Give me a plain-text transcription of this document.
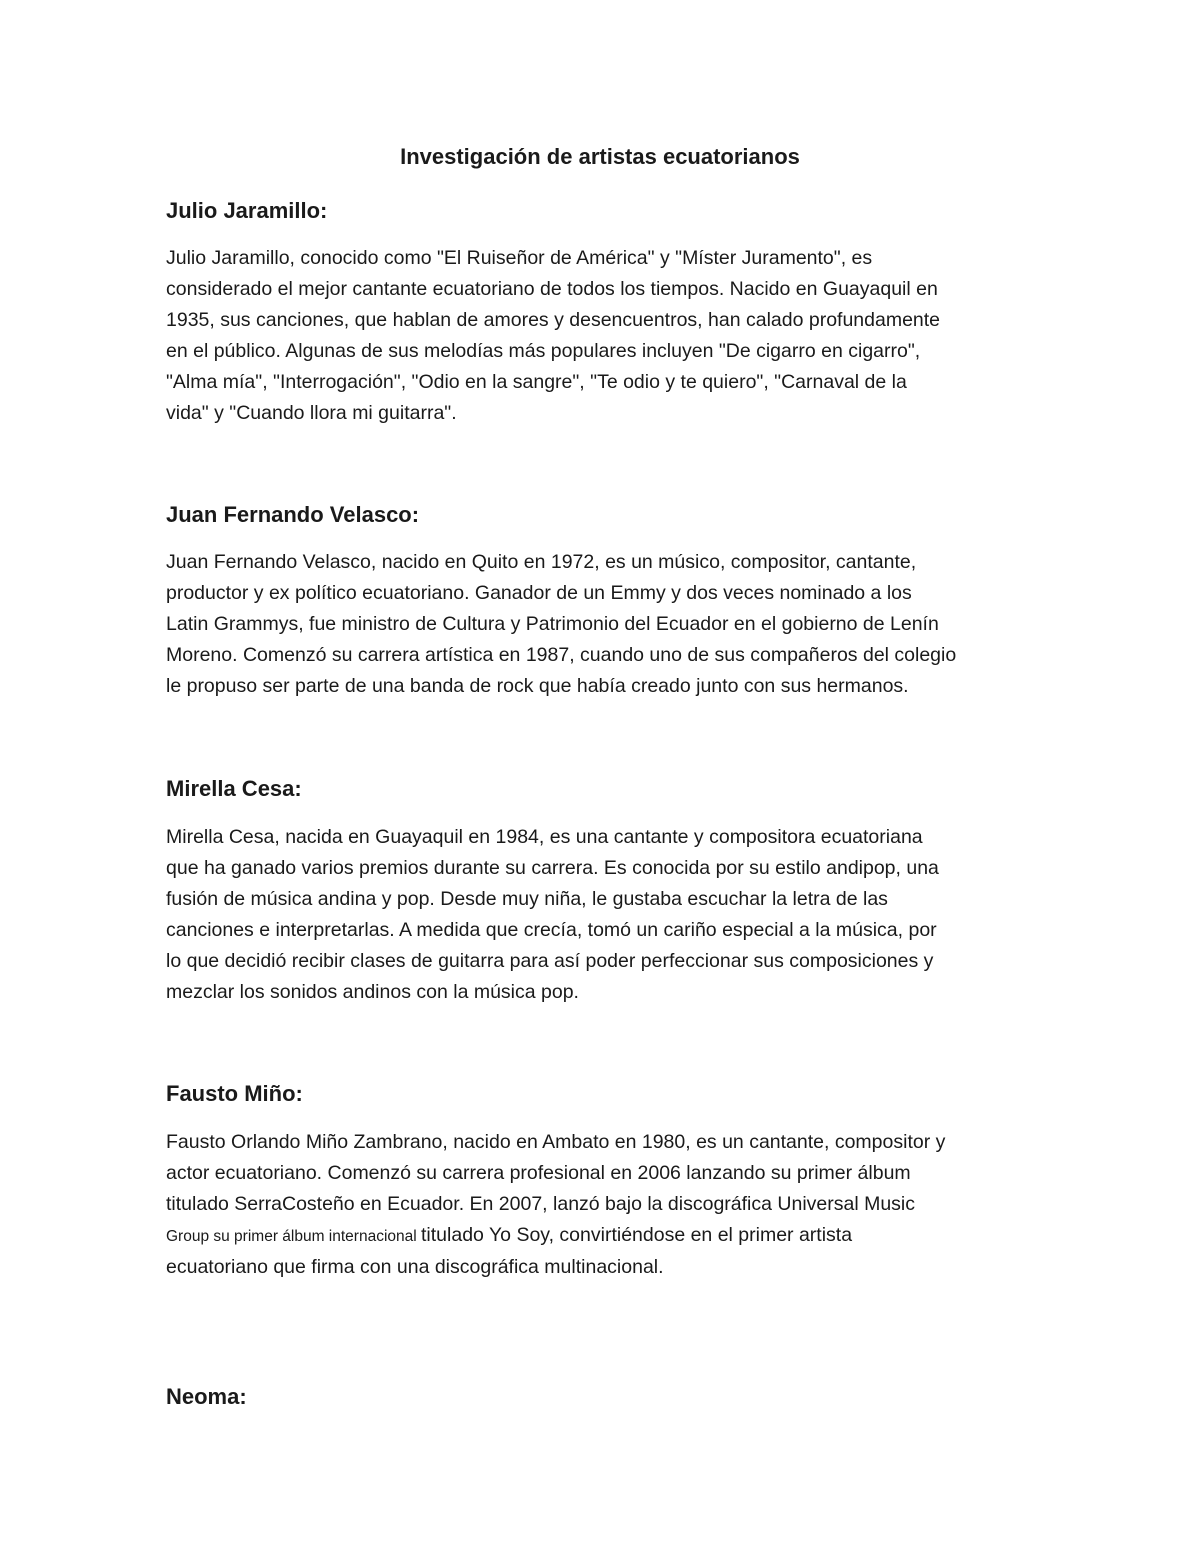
Investigación de artistas ecuatorianos
Julio Jaramillo:
Julio Jaramillo, conocido como "El Ruiseñor de América" y "Míster Juramento", es
considerado el mejor cantante ecuatoriano de todos los tiempos. Nacido en Guayaquil en
1935, sus canciones, que hablan de amores y desencuentros, han calado profundamente
en el público. Algunas de sus melodías más populares incluyen "De cigarro en cigarro",
"Alma mía", "Interrogación", "Odio en la sangre", "Te odio y te quiero", "Carnaval de la
vida" y "Cuando llora mi guitarra".
Juan Fernando Velasco:
Juan Fernando Velasco, nacido en Quito en 1972, es un músico, compositor, cantante,
productor y ex político ecuatoriano. Ganador de un Emmy y dos veces nominado a los
Latin Grammys, fue ministro de Cultura y Patrimonio del Ecuador en el gobierno de Lenín
Moreno. Comenzó su carrera artística en 1987, cuando uno de sus compañeros del colegio
le propuso ser parte de una banda de rock que había creado junto con sus hermanos.
Mirella Cesa:
Mirella Cesa, nacida en Guayaquil en 1984, es una cantante y compositora ecuatoriana
que ha ganado varios premios durante su carrera. Es conocida por su estilo andipop, una
fusión de música andina y pop. Desde muy niña, le gustaba escuchar la letra de las
canciones e interpretarlas. A medida que crecía, tomó un cariño especial a la música, por
lo que decidió recibir clases de guitarra para así poder perfeccionar sus composiciones y
mezclar los sonidos andinos con la música pop.
Fausto Miño:
Fausto Orlando Miño Zambrano, nacido en Ambato en 1980, es un cantante, compositor y
actor ecuatoriano. Comenzó su carrera profesional en 2006 lanzando su primer álbum
titulado SerraCosteño en Ecuador. En 2007, lanzó bajo la discográfica Universal Music
Group su primer álbum internacional titulado Yo Soy, convirtiéndose en el primer artista
ecuatoriano que firma con una discográfica multinacional.
Neoma:
